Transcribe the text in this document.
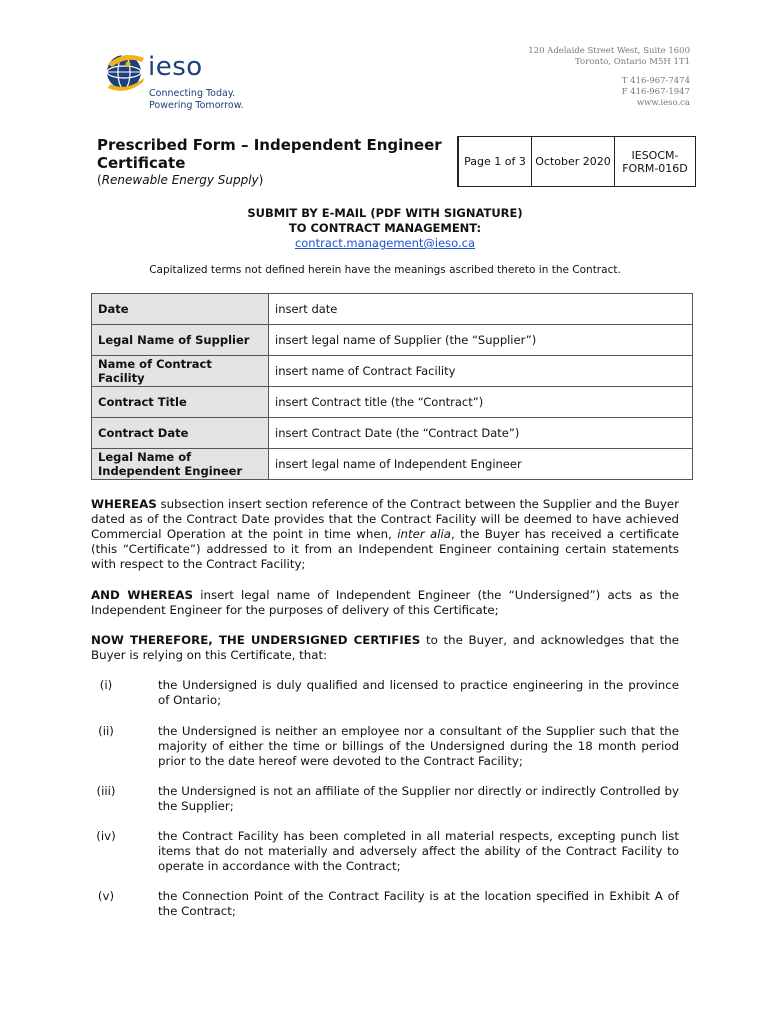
ieso
Connecting Today.
Powering Tomorrow.
120 Adelaide Street West, Suite 1600
Toronto, Ontario M5H 1T1
T 416-967-7474
F 416-967-1947
www.ieso.ca
Prescribed Form – Independent Engineer Certificate
(Renewable Energy Supply)
Page 1 of 3 October 2020	IESOCM-FORM-016D
SUBMIT BY E-MAIL (PDF WITH SIGNATURE)
TO CONTRACT MANAGEMENT:
contract.management@ieso.ca
Capitalized terms not defined herein have the meanings ascribed thereto in the Contract.
Date	insert date
Legal Name of Supplier	insert legal name of Supplier (the “Supplier”)
Name of Contract Facility	insert name of Contract Facility
Contract Title	insert Contract title (the “Contract”)
Contract Date	insert Contract Date (the “Contract Date”)
Legal Name of Independent Engineer	insert legal name of Independent Engineer

WHEREAS subsection insert section reference of the Contract between the Supplier and the Buyer dated as of the Contract Date provides that the Contract Facility will be deemed to have achieved Commercial Operation at the point in time when, inter alia, the Buyer has received a certificate (this “Certificate”) addressed to it from an Independent Engineer containing certain statements with respect to the Contract Facility;

AND WHEREAS insert legal name of Independent Engineer (the “Undersigned”) acts as the Independent Engineer for the purposes of delivery of this Certificate;

NOW THEREFORE, THE UNDERSIGNED CERTIFIES to the Buyer, and acknowledges that the Buyer is relying on this Certificate, that:

(i)	the Undersigned is duly qualified and licensed to practice engineering in the province of Ontario;
(ii)	the Undersigned is neither an employee nor a consultant of the Supplier such that the majority of either the time or billings of the Undersigned during the 18 month period prior to the date hereof were devoted to the Contract Facility;
(iii)	the Undersigned is not an affiliate of the Supplier nor directly or indirectly Controlled by the Supplier;
(iv)	the Contract Facility has been completed in all material respects, excepting punch list items that do not materially and adversely affect the ability of the Contract Facility to operate in accordance with the Contract;
(v)	the Connection Point of the Contract Facility is at the location specified in Exhibit A of the Contract;
